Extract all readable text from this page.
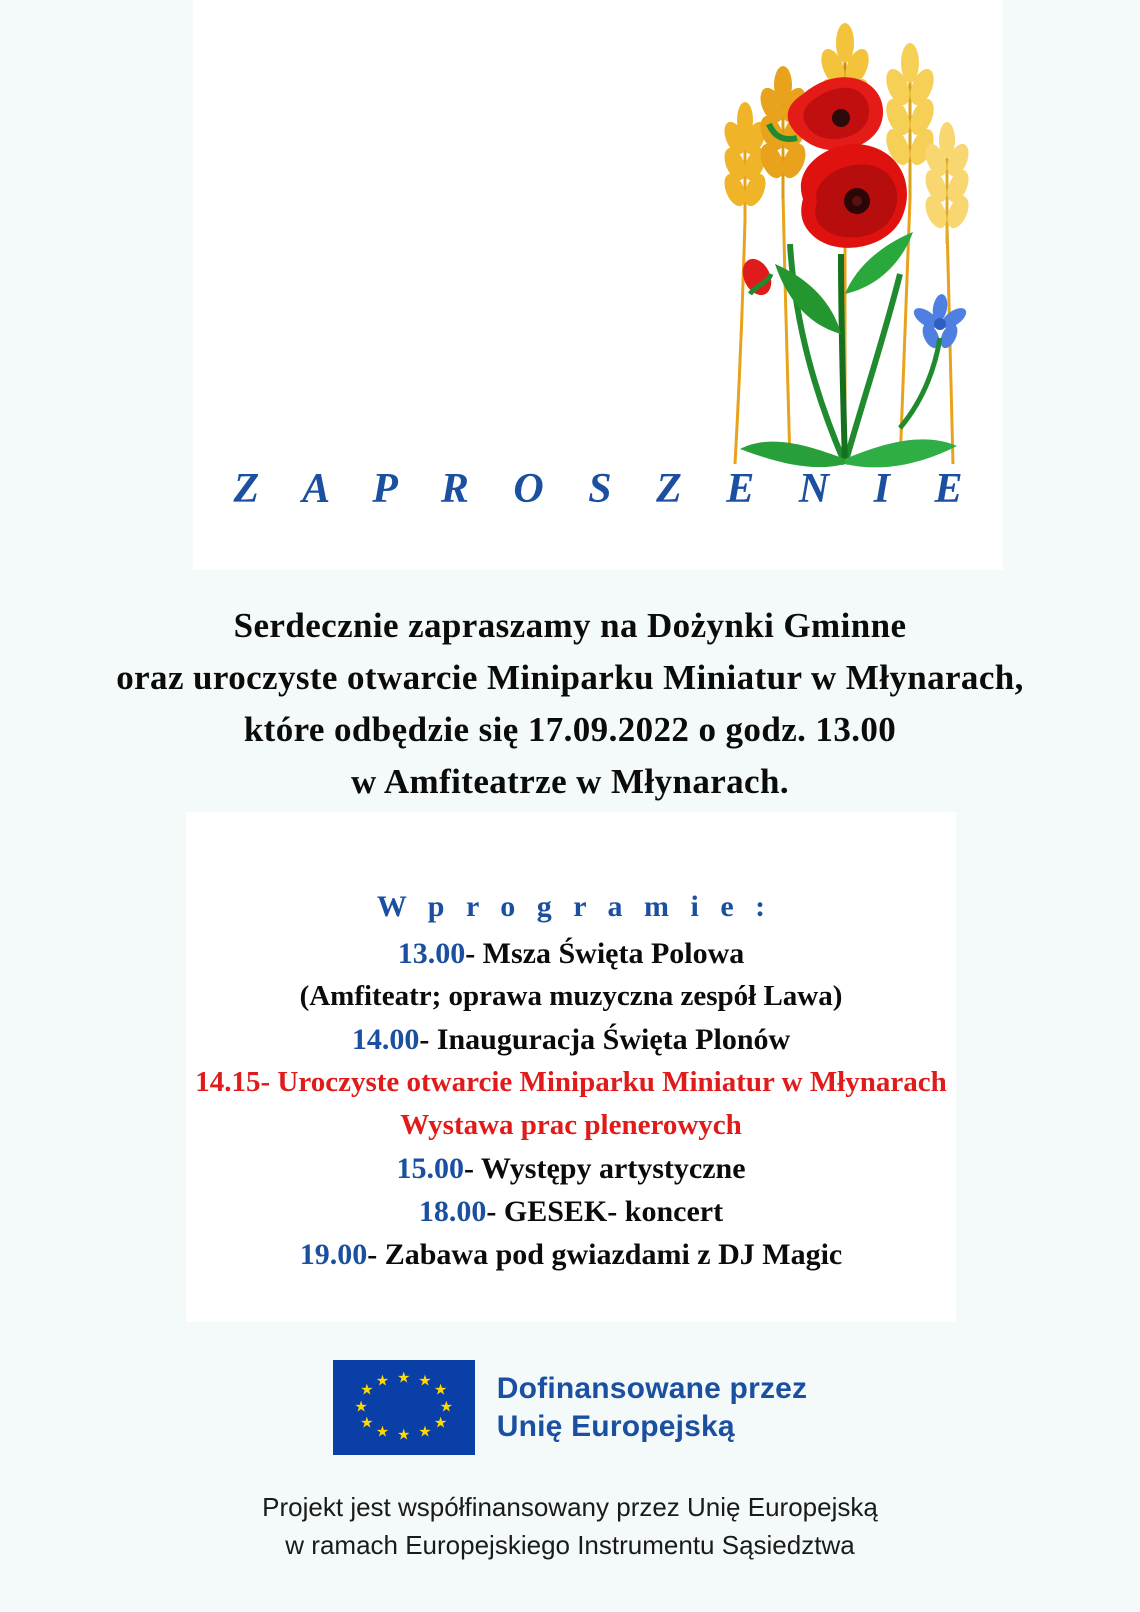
Z A P R O S Z E N I E
Serdecznie zapraszamy na Dożynki Gminne
oraz uroczyste otwarcie Miniparku Miniatur w Młynarach,
które odbędzie się 17.09.2022 o godz. 13.00
w Amfiteatrze w Młynarach.
W p r o g r a m i e :
13.00- Msza Święta Polowa
(Amfiteatr; oprawa muzyczna zespół Lawa)
14.00- Inauguracja Święta Plonów
14.15- Uroczyste otwarcie Miniparku Miniatur w Młynarach
Wystawa prac plenerowych
15.00- Występy artystyczne
18.00- GESEK- koncert
19.00- Zabawa pod gwiazdami z DJ Magic
★ ★
★
★
★
★
★
★
★
★
★
★	Dofinansowane przez
Unię Europejską
Projekt jest współfinansowany przez Unię Europejską
w ramach Europejskiego Instrumentu Sąsiedztwa
